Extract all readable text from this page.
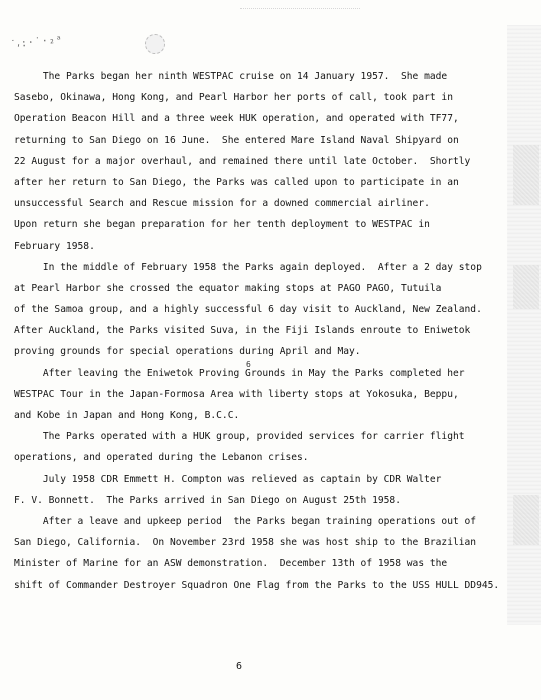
˙⸴:·˙·₂ᵃ
The Parks began her ninth WESTPAC cruise on 14 January 1957.  She made
Sasebo, Okinawa, Hong Kong, and Pearl Harbor her ports of call, took part in
Operation Beacon Hill and a three week HUK operation, and operated with TF77,
returning to San Diego on 16 June.  She entered Mare Island Naval Shipyard on
22 August for a major overhaul, and remained there until late October.  Shortly
after her return to San Diego, the Parks was called upon to participate in an
unsuccessful Search and Rescue mission for a downed commercial airliner.
Upon return she began preparation for her tenth deployment to WESTPAC in
February 1958.
In the middle of February 1958 the Parks again deployed.  After a 2 day stop
at Pearl Harbor she crossed the equator making stops at PAGO PAGO, Tutuila
of the Samoa group, and a highly successful 6 day visit to Auckland, New Zealand.
After Auckland, the Parks visited Suva, in the Fiji Islands enroute to Eniwetok
proving grounds for special operations during April and May.
After leaving the Eniwetok Proving Grounds in May the Parks completed her
WESTPAC Tour in the Japan-Formosa Area with liberty stops at Yokosuka, Beppu,
and Kobe in Japan and Hong Kong, B.C.C.
The Parks operated with a HUK group, provided services for carrier flight
operations, and operated during the Lebanon crises.
July 1958 CDR Emmett H. Compton was relieved as captain by CDR Walter
F. V. Bonnett.  The Parks arrived in San Diego on August 25th 1958.
After a leave and upkeep period  the Parks began training operations out of
San Diego, California.  On November 23rd 1958 she was host ship to the Brazilian
Minister of Marine for an ASW demonstration.  December 13th of 1958 was the
shift of Commander Destroyer Squadron One Flag from the Parks to the USS HULL DD945.
6
6
